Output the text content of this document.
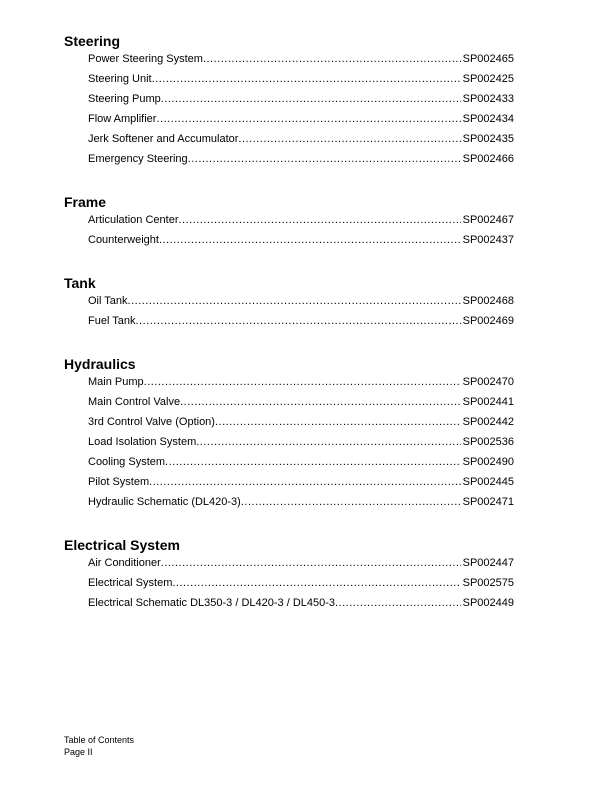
Steering
Power Steering System .....	SP002465
Steering Unit .....	SP002425
Steering Pump .....	SP002433
Flow Amplifier .....	SP002434
Jerk Softener and Accumulator .....	SP002435
Emergency Steering .....	SP002466
Frame
Articulation Center .....	SP002467
Counterweight .....	SP002437
Tank
Oil Tank .....	SP002468
Fuel Tank .....	SP002469
Hydraulics
Main Pump .....	SP002470
Main Control Valve .....	SP002441
3rd Control Valve (Option) .....	SP002442
Load Isolation System .....	SP002536
Cooling System .....	SP002490
Pilot System .....	SP002445
Hydraulic Schematic (DL420-3) .....	SP002471
Electrical System
Air Conditioner .....	SP002447
Electrical System .....	SP002575
Electrical Schematic DL350-3 / DL420-3 / DL450-3 .....	SP002449
Table of Contents
Page II
